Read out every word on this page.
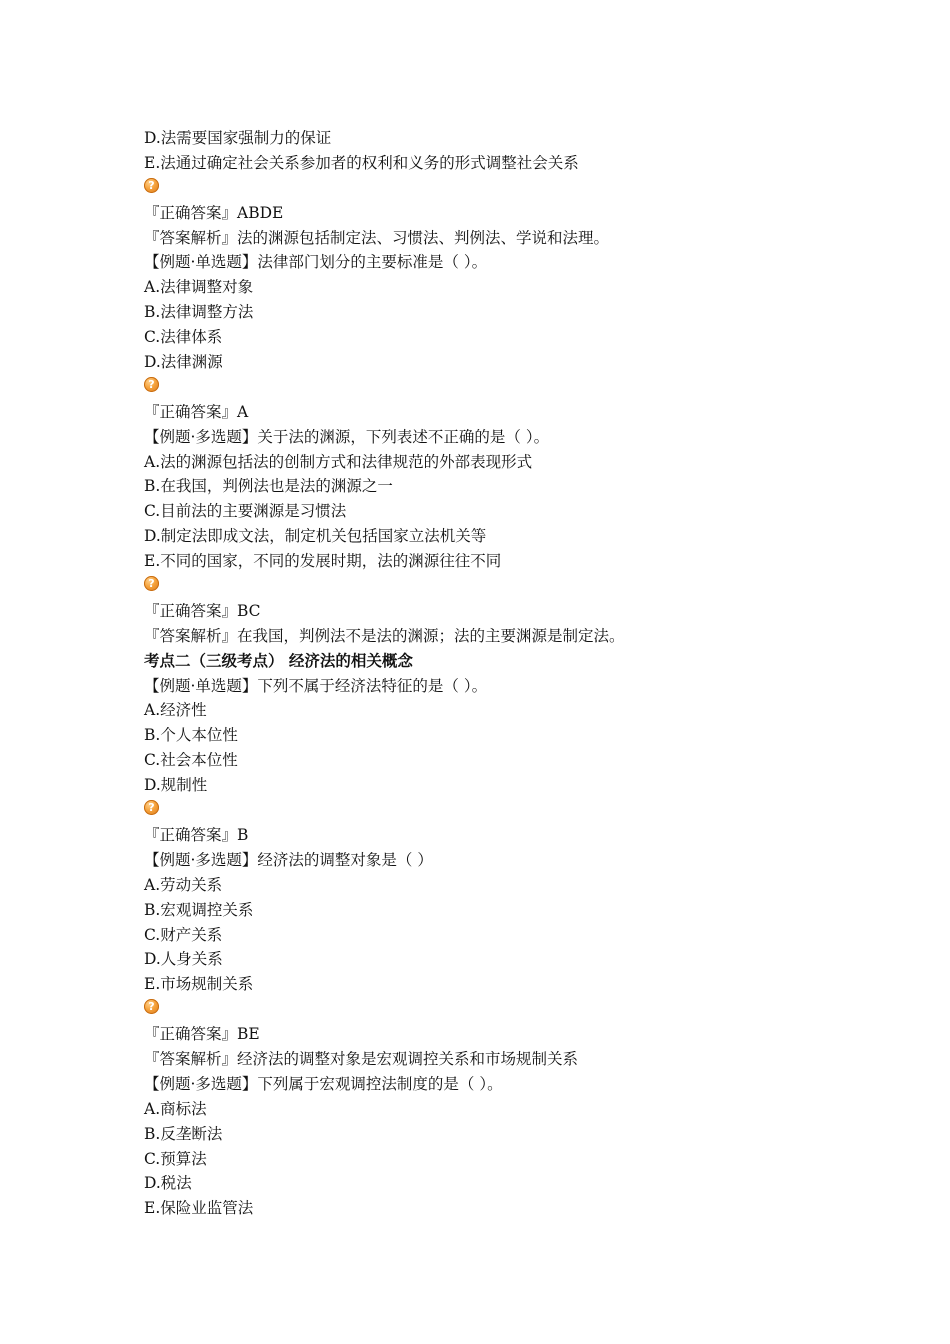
D.法需要国家强制力的保证
E.法通过确定社会关系参加者的权利和义务的形式调整社会关系
?
『正确答案』ABDE
『答案解析』法的渊源包括制定法、习惯法、判例法、学说和法理。
【例题·单选题】法律部门划分的主要标准是（ ）。
A.法律调整对象
B.法律调整方法
C.法律体系
D.法律渊源
?
『正确答案』A
【例题·多选题】关于法的渊源，下列表述不正确的是（ ）。
A.法的渊源包括法的创制方式和法律规范的外部表现形式
B.在我国，判例法也是法的渊源之一
C.目前法的主要渊源是习惯法
D.制定法即成文法，制定机关包括国家立法机关等
E.不同的国家，不同的发展时期，法的渊源往往不同
?
『正确答案』BC
『答案解析』在我国，判例法不是法的渊源；法的主要渊源是制定法。
考点二（三级考点） 经济法的相关概念
【例题·单选题】下列不属于经济法特征的是（ ）。
A.经济性
B.个人本位性
C.社会本位性
D.规制性
?
『正确答案』B
【例题·多选题】经济法的调整对象是（ ）
A.劳动关系
B.宏观调控关系
C.财产关系
D.人身关系
E.市场规制关系
?
『正确答案』BE
『答案解析』经济法的调整对象是宏观调控关系和市场规制关系
【例题·多选题】下列属于宏观调控法制度的是（ ）。
A.商标法
B.反垄断法
C.预算法
D.税法
E.保险业监管法
